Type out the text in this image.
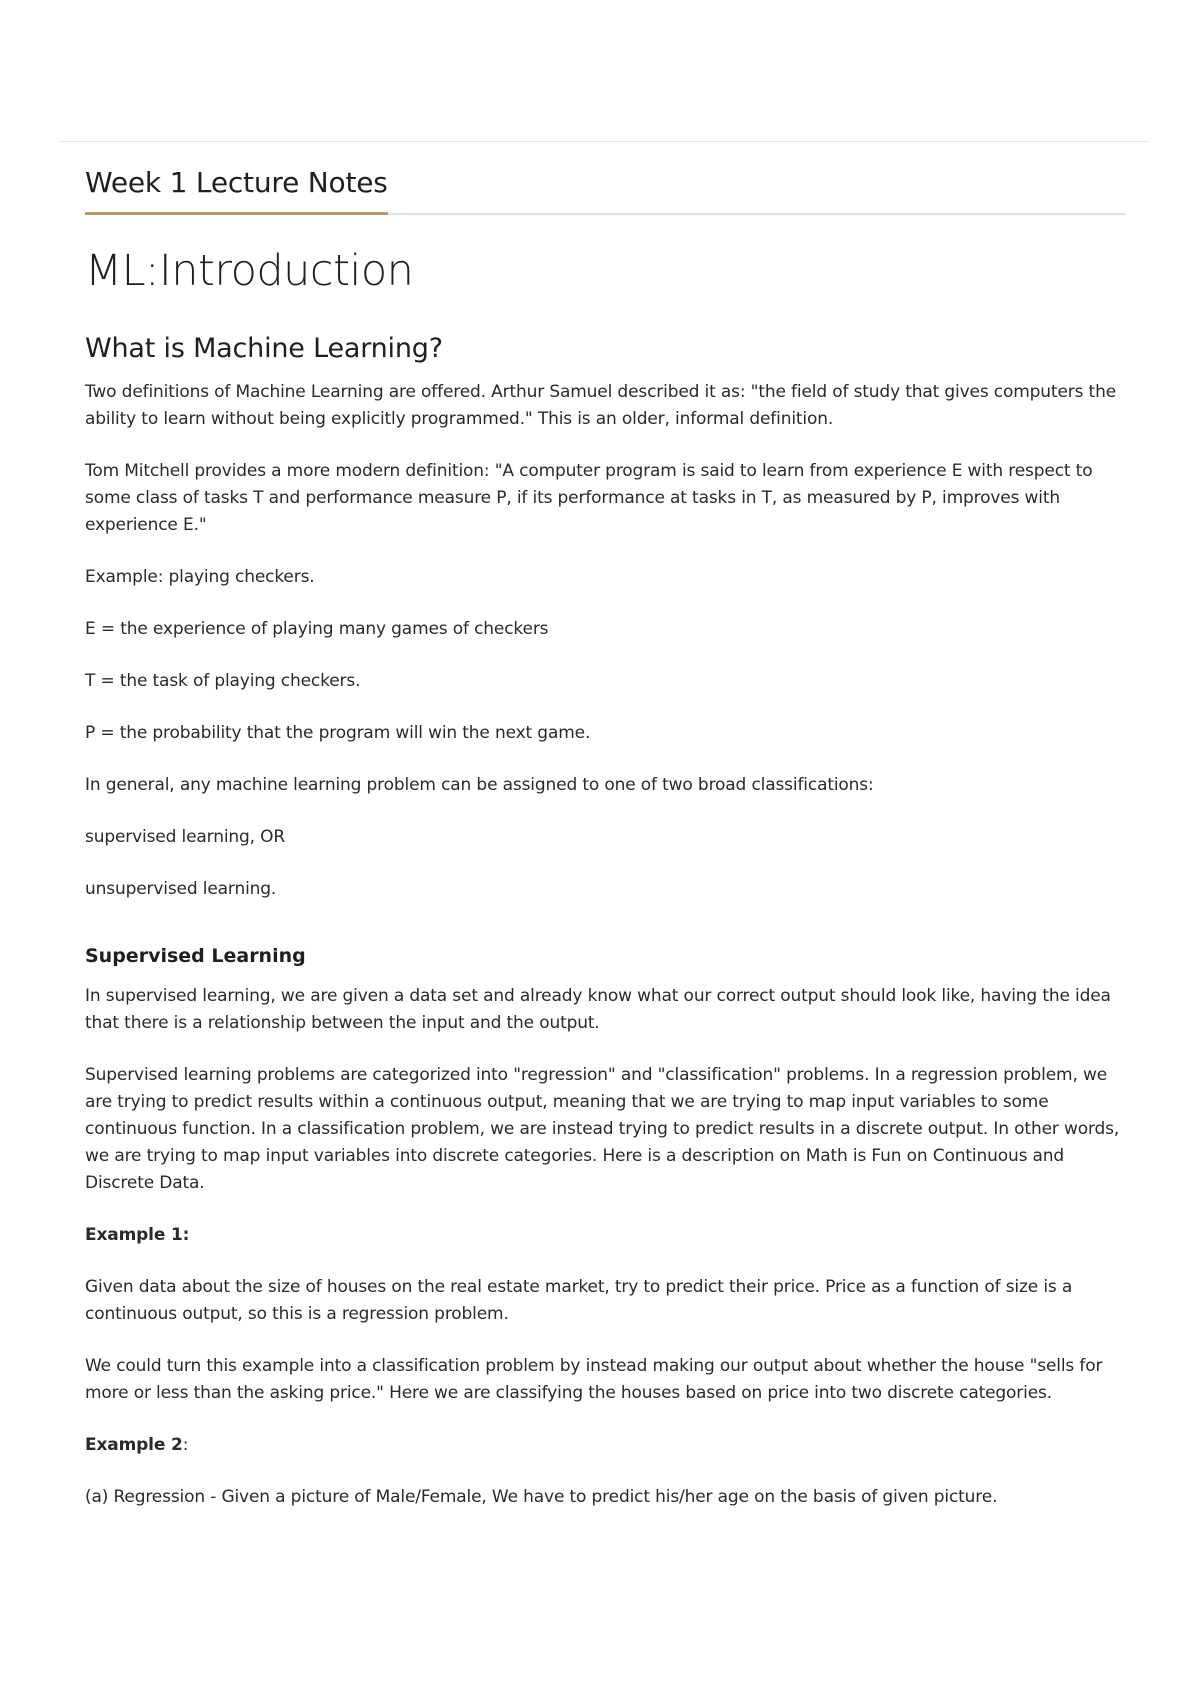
Week 1 Lecture Notes
ML:Introduction
What is Machine Learning?

Two definitions of Machine Learning are offered. Arthur Samuel described it as: "the field of study that gives computers the ability to learn without being explicitly programmed." This is an older, informal definition.

Tom Mitchell provides a more modern definition: "A computer program is said to learn from experience E with respect to some class of tasks T and performance measure P, if its performance at tasks in T, as measured by P, improves with experience E."

Example: playing checkers.

E = the experience of playing many games of checkers

T = the task of playing checkers.

P = the probability that the program will win the next game.

In general, any machine learning problem can be assigned to one of two broad classifications:

supervised learning, OR

unsupervised learning.

Supervised Learning

In supervised learning, we are given a data set and already know what our correct output should look like, having the idea that there is a relationship between the input and the output.

Supervised learning problems are categorized into "regression" and "classification" problems. In a regression problem, we are trying to predict results within a continuous output, meaning that we are trying to map input variables to some continuous function. In a classification problem, we are instead trying to predict results in a discrete output. In other words, we are trying to map input variables into discrete categories. Here is a description on Math is Fun on Continuous and Discrete Data.

Example 1:

Given data about the size of houses on the real estate market, try to predict their price. Price as a function of size is a continuous output, so this is a regression problem.

We could turn this example into a classification problem by instead making our output about whether the house "sells for more or less than the asking price." Here we are classifying the houses based on price into two discrete categories.

Example 2:

(a) Regression - Given a picture of Male/Female, We have to predict his/her age on the basis of given picture.
